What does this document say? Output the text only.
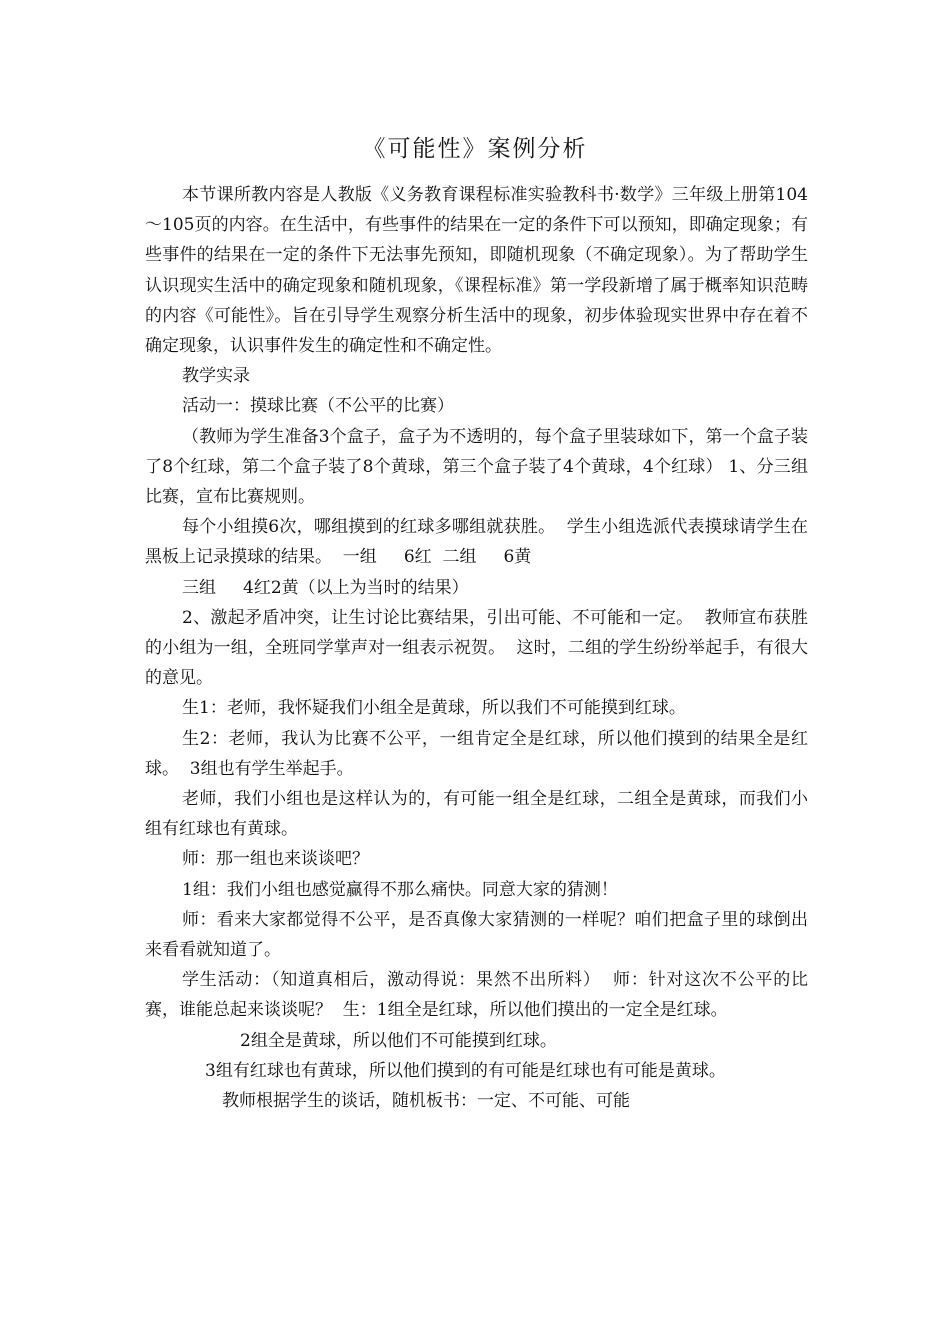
《可能性》案例分析

本节课所教内容是人教版《义务教育课程标准实验教科书·数学》三年级上册第104～105页的内容。在生活中，有些事件的结果在一定的条件下可以预知，即确定现象；有些事件的结果在一定的条件下无法事先预知，即随机现象（不确定现象）。为了帮助学生认识现实生活中的确定现象和随机现象，《课程标准》第一学段新增了属于概率知识范畴的内容《可能性》。旨在引导学生观察分析生活中的现象，初步体验现实世界中存在着不确定现象，认识事件发生的确定性和不确定性。

教学实录

活动一：摸球比赛（不公平的比赛）

（教师为学生准备3个盒子，盒子为不透明的，每个盒子里装球如下，第一个盒子装了8个红球，第二个盒子装了8个黄球，第三个盒子装了4个黄球，4个红球） 1、分三组比赛，宣布比赛规则。

每个小组摸6次，哪组摸到的红球多哪组就获胜。  学生小组选派代表摸球请学生在黑板上记录摸球的结果。  一组     6红  二组     6黄

三组     4红2黄（以上为当时的结果）

2、激起矛盾冲突，让生讨论比赛结果，引出可能、不可能和一定。  教师宣布获胜的小组为一组，全班同学掌声对一组表示祝贺。  这时，二组的学生纷纷举起手，有很大的意见。

生1：老师，我怀疑我们小组全是黄球，所以我们不可能摸到红球。

生2：老师，我认为比赛不公平，一组肯定全是红球，所以他们摸到的结果全是红球。  3组也有学生举起手。

老师，我们小组也是这样认为的，有可能一组全是红球，二组全是黄球，而我们小组有红球也有黄球。

师：那一组也来谈谈吧？

1组：我们小组也感觉赢得不那么痛快。同意大家的猜测！

师：看来大家都觉得不公平，是否真像大家猜测的一样呢？咱们把盒子里的球倒出来看看就知道了。

学生活动：（知道真相后，激动得说：果然不出所料）  师：针对这次不公平的比赛，谁能总起来谈谈呢？  生：1组全是红球，所以他们摸出的一定全是红球。

2组全是黄球，所以他们不可能摸到红球。

3组有红球也有黄球，所以他们摸到的有可能是红球也有可能是黄球。

教师根据学生的谈话，随机板书：一定、不可能、可能
